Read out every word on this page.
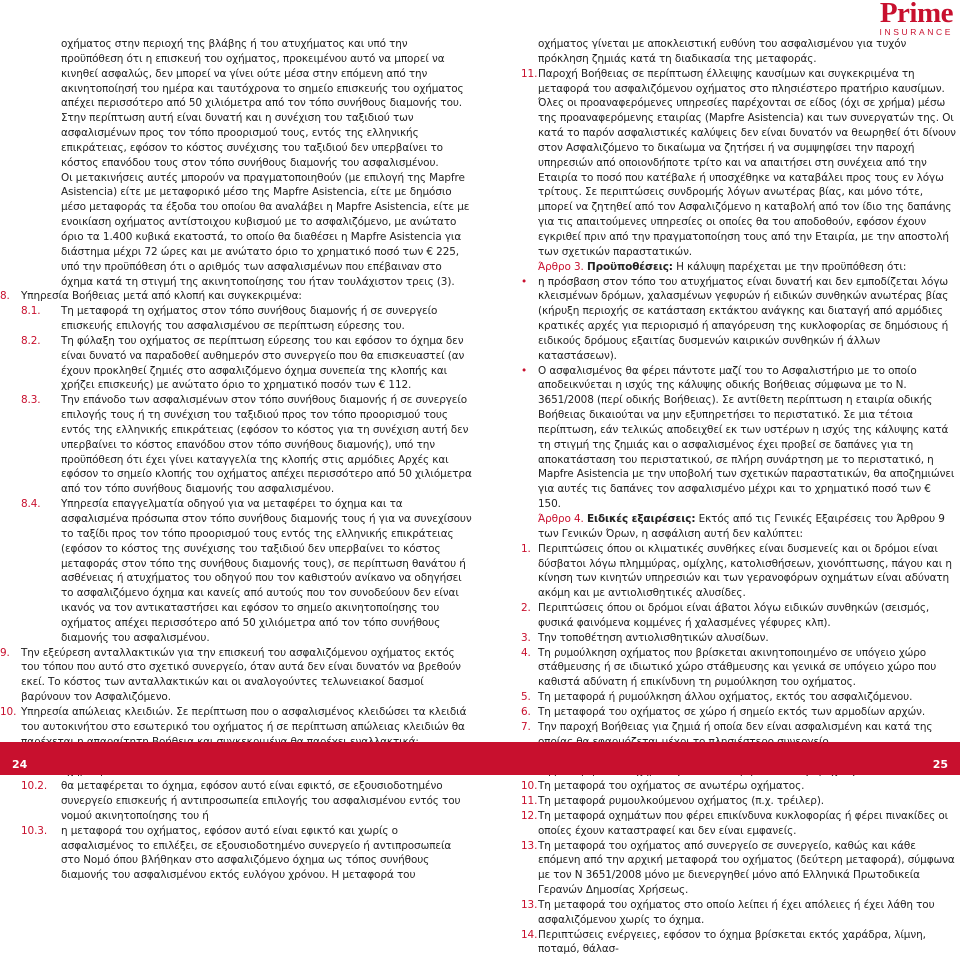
Prime
INSURANCE

οχήματος στην περιοχή της βλάβης ή του ατυχήματος και υπό την προϋπόθεση ότι η επισκευή του οχήματος, προκειμένου αυτό να μπορεί να κινηθεί ασφαλώς, δεν μπορεί να γίνει ούτε μέσα στην επόμενη από την ακινητοποίησή του ημέρα και ταυτόχρονα το σημείο επισκευής του οχήματος απέχει περισσότερο από 50 χιλιόμετρα από τον τόπο συνήθους διαμονής του. Στην περίπτωση αυτή είναι δυνατή και η συνέχιση του ταξιδιού των ασφαλισμένων προς τον τόπο προορισμού τους, εντός της ελληνικής επικράτειας, εφόσον το κόστος συνέχισης του ταξιδιού δεν υπερβαίνει το κόστος επανόδου τους στον τόπο συνήθους διαμονής του ασφαλισμένου.

Οι μετακινήσεις αυτές μπορούν να πραγματοποιηθούν (με επιλογή της Mapfre Asistencia) είτε με μεταφορικό μέσο της Mapfre Asistencia, είτε με δημόσιο μέσο μεταφοράς τα έξοδα του οποίου θα αναλάβει η Mapfre Asistencia, είτε με ενοικίαση οχήματος αντίστοιχου κυβισμού με το ασφαλιζόμενο, με ανώτατο όριο τα 1.400 κυβικά εκατοστά, το οποίο θα διαθέσει η Mapfre Asistencia για διάστημα μέχρι 72 ώρες και με ανώτατο όριο το χρηματικό ποσό των € 225, υπό την προϋπόθεση ότι ο αριθμός των ασφαλισμένων που επέβαιναν στο όχημα κατά τη στιγμή της ακινητοποίησης του ήταν τουλάχιστον τρεις (3).

8. Υπηρεσία Βοήθειας μετά από κλοπή και συγκεκριμένα:
8.1. Τη μεταφορά τη οχήματος στον τόπο συνήθους διαμονής ή σε συνεργείο επισκευής επιλογής του ασφαλισμένου σε περίπτωση εύρεσης του.
8.2. Τη φύλαξη του οχήματος σε περίπτωση εύρεσης του και εφόσον το όχημα δεν είναι δυνατό να παραδοθεί αυθημερόν στο συνεργείο που θα επισκευαστεί (αν έχουν προκληθεί ζημιές στο ασφαλιζόμενο όχημα συνεπεία της κλοπής και χρήζει επισκευής) με ανώτατο όριο το χρηματικό ποσόν των € 112.
8.3. Την επάνοδο των ασφαλισμένων στον τόπο συνήθους διαμονής ή σε συνεργείο επιλογής τους ή τη συνέχιση του ταξιδιού προς τον τόπο προορισμού τους εντός της ελληνικής επικράτειας (εφόσον το κόστος για τη συνέχιση αυτή δεν υπερβαίνει το κόστος επανόδου στον τόπο συνήθους διαμονής), υπό την προϋπόθεση ότι έχει γίνει καταγγελία της κλοπής στις αρμόδιες Αρχές και εφόσον το σημείο κλοπής του οχήματος απέχει περισσότερο από 50 χιλιόμετρα από τον τόπο συνήθους διαμονής του ασφαλισμένου.
8.4. Υπηρεσία επαγγελματία οδηγού για να μεταφέρει το όχημα και τα ασφαλισμένα πρόσωπα στον τόπο συνήθους διαμονής τους ή για να συνεχίσουν το ταξίδι προς τον τόπο προορισμού τους εντός της ελληνικής επικράτειας (εφόσον το κόστος της συνέχισης του ταξιδιού δεν υπερβαίνει το κόστος μεταφοράς στον τόπο της συνήθους διαμονής τους), σε περίπτωση θανάτου ή ασθένειας ή ατυχήματος του οδηγού που τον καθιστούν ανίκανο να οδηγήσει το ασφαλιζόμενο όχημα και κανείς από αυτούς που τον συνοδεύουν δεν είναι ικανός να τον αντικαταστήσει και εφόσον το σημείο ακινητοποίησης του οχήματος απέχει περισσότερο από 50 χιλιόμετρα από τον τόπο συνήθους διαμονής του ασφαλισμένου.
9. Την εξεύρεση ανταλλακτικών για την επισκευή του ασφαλιζόμενου οχήματος εκτός του τόπου που αυτό στο σχετικό συνεργείο, όταν αυτά δεν είναι δυνατόν να βρεθούν εκεί. Το κόστος των ανταλλακτικών και οι αναλογούντες τελωνειακοί δασμοί βαρύνουν τον Ασφαλιζόμενο.
10. Υπηρεσία απώλειας κλειδιών. Σε περίπτωση που ο ασφαλισμένος κλειδώσει τα κλειδιά του αυτοκινήτου στο εσωτερικό του οχήματος ή σε περίπτωση απώλειας κλειδιών θα
10.2. θα μεταφέρεται το όχημα, εφόσον αυτό είναι εφικτό, σε εξουσιοδοτημένο συνεργείο επισκευής ή αντιπροσωπεία επιλογής του ασφαλισμένου εντός του νομού ακινητοποίησης του ή
10.3. η μεταφορά του οχήματος, εφόσον αυτό είναι εφικτό και χωρίς ο ασφαλισμένος το επιλέξει, σε εξουσιοδοτημένο συνεργείο ή αντιπροσωπεία στο Νομό όπου βλήθηκαν στο ασφαλιζόμενο όχημα ως τόπος συνήθους διαμονής του ασφαλισμένου εκτός ευλόγου χρόνου. Η μεταφορά του

οχήματος γίνεται με αποκλειστική ευθύνη του ασφαλισμένου για τυχόν πρόκληση ζημιάς κατά τη διαδικασία της μεταφοράς.

11. Παροχή Βοήθειας σε περίπτωση έλλειψης καυσίμων και συγκεκριμένα τη μεταφορά του ασφαλιζόμενου οχήματος στο πλησιέστερο πρατήριο καυσίμων.

Όλες οι προαναφερόμενες υπηρεσίες παρέχονται σε είδος (όχι σε χρήμα) μέσω της προαναφερόμενης εταιρίας (Mapfre Asistencia) και των συνεργατών της. Οι κατά το παρόν ασφαλιστικές καλύψεις δεν είναι δυνατόν να θεωρηθεί ότι δίνουν στον Ασφαλιζόμενο το δικαίωμα να ζητήσει ή να συμψηφίσει την παροχή υπηρεσιών από οποιονδήποτε τρίτο και να απαιτήσει στη συνέχεια από την Εταιρία το ποσό που κατέβαλε ή υποσχέθηκε να καταβάλει προς τους εν λόγω τρίτους. Σε περιπτώσεις συνδρομής λόγων ανωτέρας βίας, και μόνο τότε, μπορεί να ζητηθεί από τον Ασφαλιζόμενο η καταβολή από τον ίδιο της δαπάνης για τις απαιτούμενες υπηρεσίες οι οποίες θα του αποδοθούν, εφόσον έχουν εγκριθεί πριν από την πραγματοποίηση τους από την Εταιρία, με την αποστολή των σχετικών παραστατικών.

Άρθρο 3. Προϋποθέσεις: Η κάλυψη παρέχεται με την προϋπόθεση ότι:

• η πρόσβαση στον τόπο του ατυχήματος είναι δυνατή και δεν εμποδίζεται λόγω κλεισμένων δρόμων, χαλασμένων γεφυρών ή ειδικών συνθηκών ανωτέρας βίας (κήρυξη περιοχής σε κατάσταση εκτάκτου ανάγκης και διαταγή από αρμόδιες κρατικές αρχές για περιορισμό ή απαγόρευση της κυκλοφορίας σε δημόσιους ή ειδικούς δρόμους εξαιτίας δυσμενών καιρικών συνθηκών ή άλλων καταστάσεων).
• Ο ασφαλισμένος θα φέρει πάντοτε μαζί του το Ασφαλιστήριο με το οποίο αποδεικνύεται η ισχύς της κάλυψης οδικής Βοήθειας σύμφωνα με το Ν. 3651/2008 (περί οδικής Βοήθειας). Σε αντίθετη περίπτωση η εταιρία οδικής Βοήθειας δικαιούται να μην εξυπηρετήσει το περιστατικό. Σε μια τέτοια περίπτωση, εάν τελικώς αποδειχθεί εκ των υστέρων η ισχύς της κάλυψης κατά τη στιγμή της ζημιάς και ο ασφαλισμένος έχει προβεί σε δαπάνες για τη αποκατάσταση του περιστατικού, σε πλήρη συνάρτηση με το περιστατικό, η Mapfre Asistencia με την υποβολή των σχετικών παραστατικών, θα αποζημιώνει για αυτές τις δαπάνες τον ασφαλισμένο μέχρι και το χρηματικό ποσό των € 150.

Άρθρο 4. Ειδικές εξαιρέσεις: Εκτός από τις Γενικές Εξαιρέσεις του Άρθρου 9 των Γενικών Όρων, η ασφάλιση αυτή δεν καλύπτει:

1. Περιπτώσεις όπου οι κλιματικές συνθήκες είναι δυσμενείς και οι δρόμοι είναι δύσβατοι λόγω πλημμύρας, ομίχλης, κατολισθήσεων, χιονόπτωσης, πάγου και η κίνηση των κινητών υπηρεσιών και των γερανοφόρων οχημάτων είναι αδύνατη ακόμη και με αντιολισθητικές αλυσίδες.
2. Περιπτώσεις όπου οι δρόμοι είναι άβατοι λόγω ειδικών συνθηκών (σεισμός, φυσικά φαινόμενα κομμένες ή χαλασμένες γέφυρες κλπ).
3. Την τοποθέτηση αντιολισθητικών αλυσίδων.
4. Τη ρυμούλκηση οχήματος που βρίσκεται ακινητοποιημένο σε υπόγειο χώρο στάθμευσης ή σε ιδιωτικό χώρο στάθμευσης και γενικά σε υπόγειο χώρο που καθιστά αδύνατη ή επικίνδυνη τη ρυμούλκηση του οχήματος.
5. Τη μεταφορά ή ρυμούλκηση άλλου οχήματος, εκτός του ασφαλιζόμενου.
6. Τη μεταφορά του οχήματος σε χώρο ή σημείο εκτός των αρμοδίων αρχών.
7. Την παροχή Βοήθειας για ζημιά ή οποία δεν είναι ασφαλισμένη και κατά της
10. Τη μεταφορά του οχήματος σε ανωτέρω οχήματος.
11. Τη μεταφορά ρυμουλκούμενου οχήματος (π.χ. τρέιλερ).
12. Τη μεταφορά οχημάτων που φέρει επικίνδυνα κυκλοφορίας ή φέρει πινακίδες οι οποίες έχουν καταστραφεί και δεν είναι εμφανείς.
13. Τη μεταφορά του οχήματος από συνεργείο σε συνεργείο, καθώς και κάθε επόμενη από την αρχική μεταφορά του οχήματος (δεύτερη μεταφορά), σύμφωνα με τον Ν 3651/2008 μόνο με διενεργηθεί μόνο από Ελληνικά Πρωτοδικεία Γερανών Δημοσίας Χρήσεως.
13. Τη μεταφορά του οχήματος στο οποίο λείπει ή έχει απόλειες ή έχει λάθη του ασφαλιζόμενου χωρίς το όχημα.
14. Περιπτώσεις ενέργειες, εφόσον το όχημα βρίσκεται εκτός χαράδρα, λίμνη, ποταμό, θάλασ-
24	25
